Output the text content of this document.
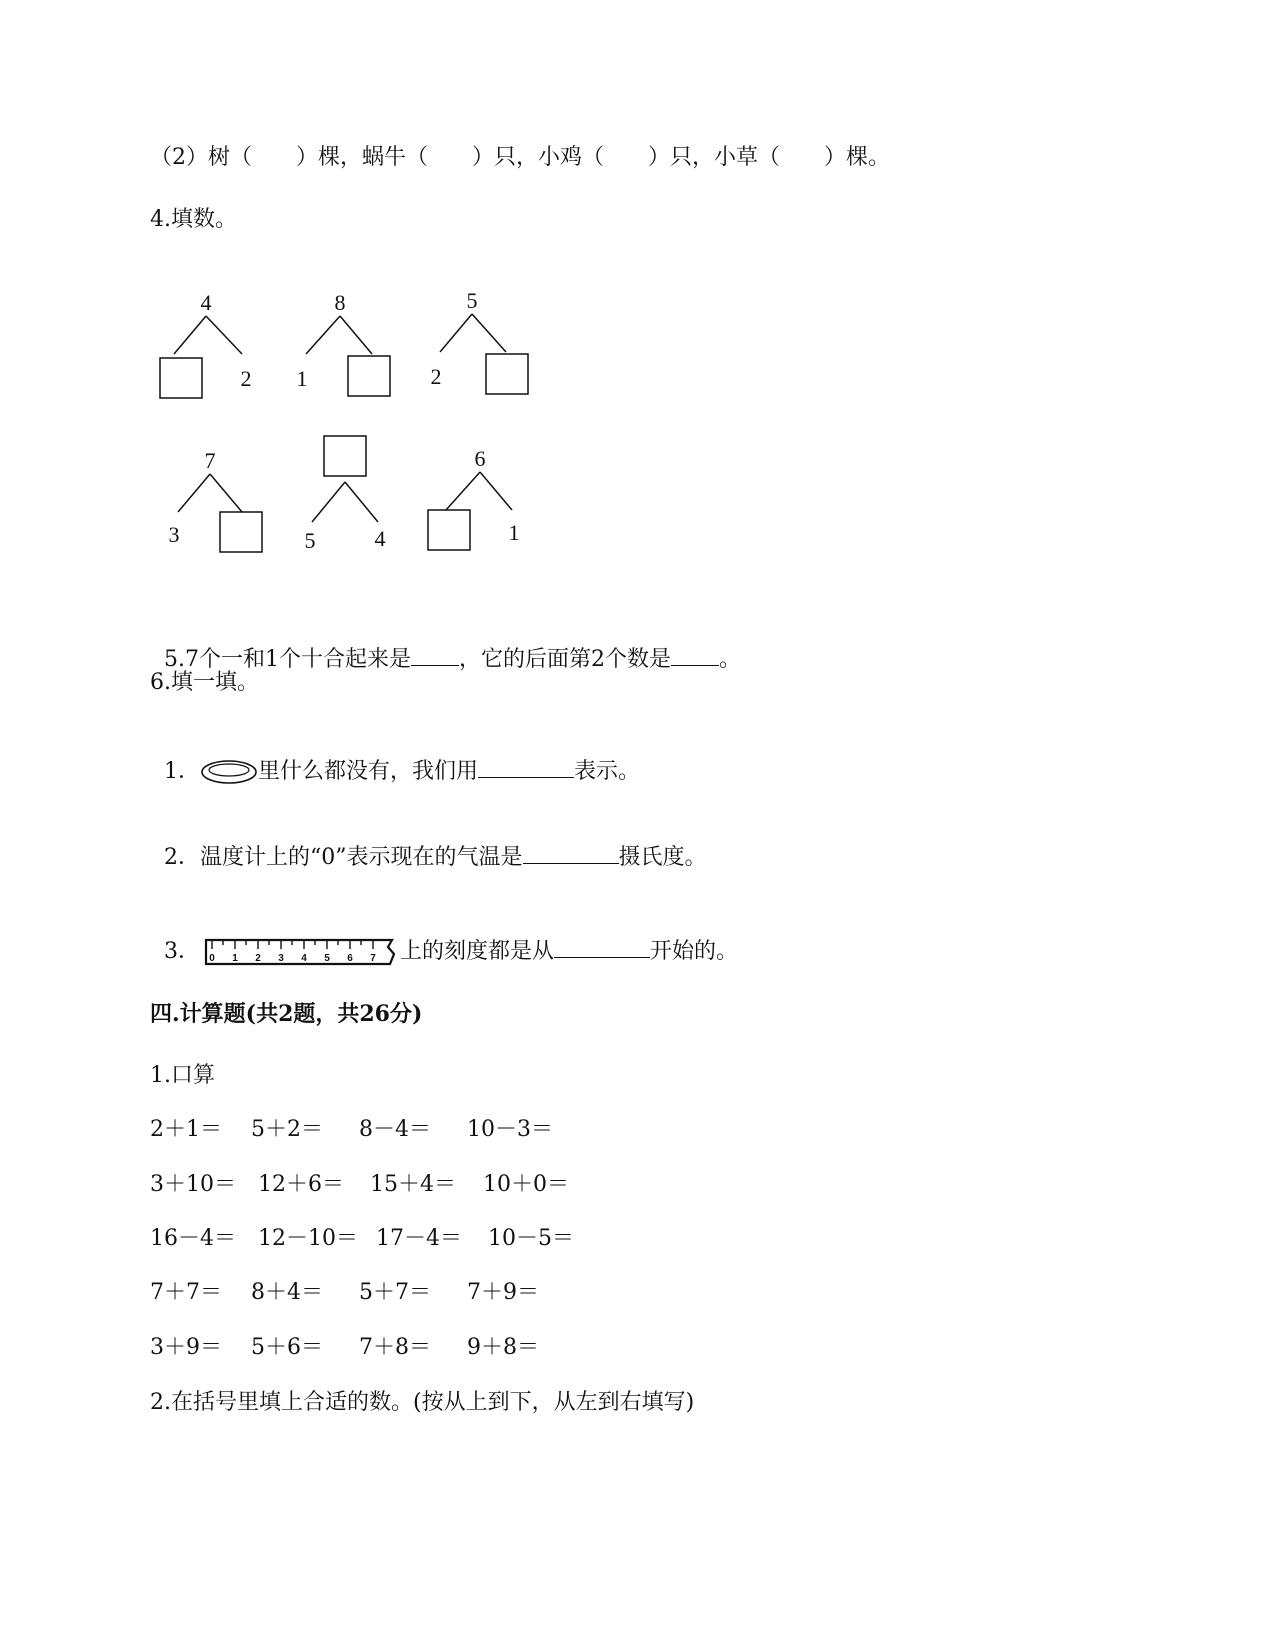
（2）树（　　）棵，蜗牛（　　）只，小鸡（　　）只，小草（　　）棵。
4.填数。
4
2
8
1
5
2
7
3	5	4
6
1

5.7个一和1个十合起来是 ，它的后面第2个数是 。

6.填一填。

1．	里什么都没有，我们用	表示。

2．温度计上的“0”表示现在的气温是	摄氏度。

3． 0 1 2 3 4 5 6 7 上的刻度都是从	开始的。

四.计算题(共2题，共26分)
1.口算
2＋1＝ 5＋2＝ 8－4＝ 10－3＝
3＋10＝ 12＋6＝ 15＋4＝ 10＋0＝
16－4＝ 12－10＝ 17－4＝ 10－5＝
7＋7＝ 8＋4＝ 5＋7＝ 7＋9＝
3＋9＝ 5＋6＝ 7＋8＝ 9＋8＝
2.在括号里填上合适的数。(按从上到下，从左到右填写)
